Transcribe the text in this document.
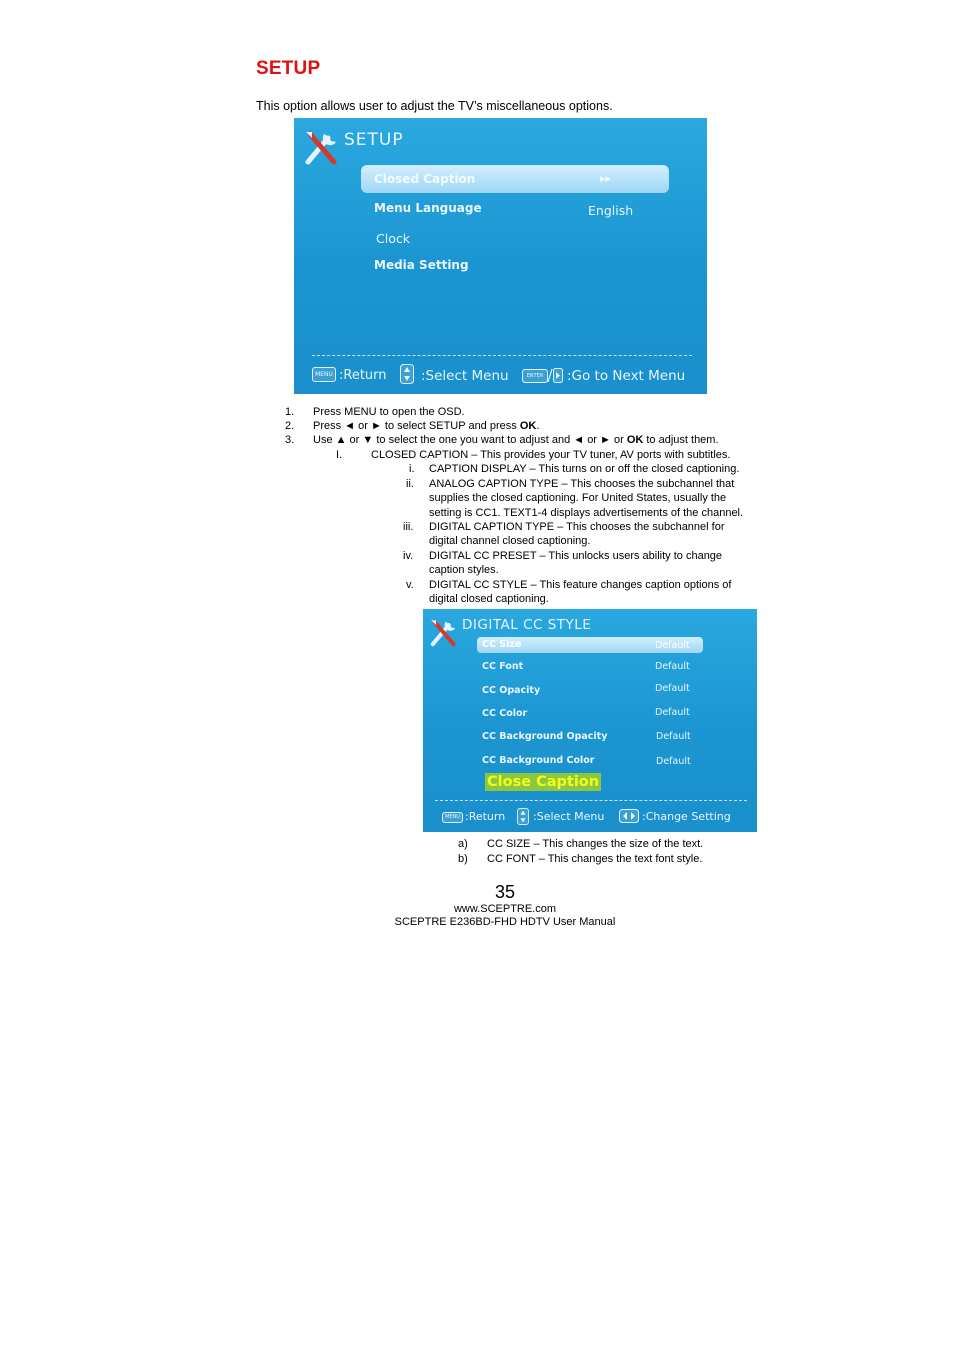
SETUP
This option allows user to adjust the TV’s miscellaneous options.
SETUP
Closed Caption	▸▸
Menu Language	English
Clock
Media Setting
MENU :Return	:Select Menu	ENTER	:Go to Next Menu
1. Press MENU to open the OSD.
2. Press ◄ or ► to select SETUP and press OK.
3. Use ▲ or ▼ to select the one you want to adjust and ◄ or ► or OK to adjust them.
I.	CLOSED CAPTION – This provides your TV tuner, AV ports with subtitles.
i. CAPTION DISPLAY – This turns on or off the closed captioning.
ii. ANALOG CAPTION TYPE – This chooses the subchannel that
supplies the closed captioning. For United States, usually the
setting is CC1. TEXT1-4 displays advertisements of the channel.
iii. DIGITAL CAPTION TYPE – This chooses the subchannel for
digital channel closed captioning.
iv. DIGITAL CC PRESET – This unlocks users ability to change
caption styles.
v. DIGITAL CC STYLE – This feature changes caption options of
digital closed captioning.
DIGITAL CC STYLE
CC Size	Default
CC Font	Default
CC Opacity	Default
CC Color	Default
CC Background Opacity	Default
CC Background Color	Default
Close Caption
MENU :Return	:Select Menu	:Change Setting
a) CC SIZE – This changes the size of the text.
b) CC FONT – This changes the text font style.
35
www.SCEPTRE.com
SCEPTRE E236BD-FHD HDTV User Manual
